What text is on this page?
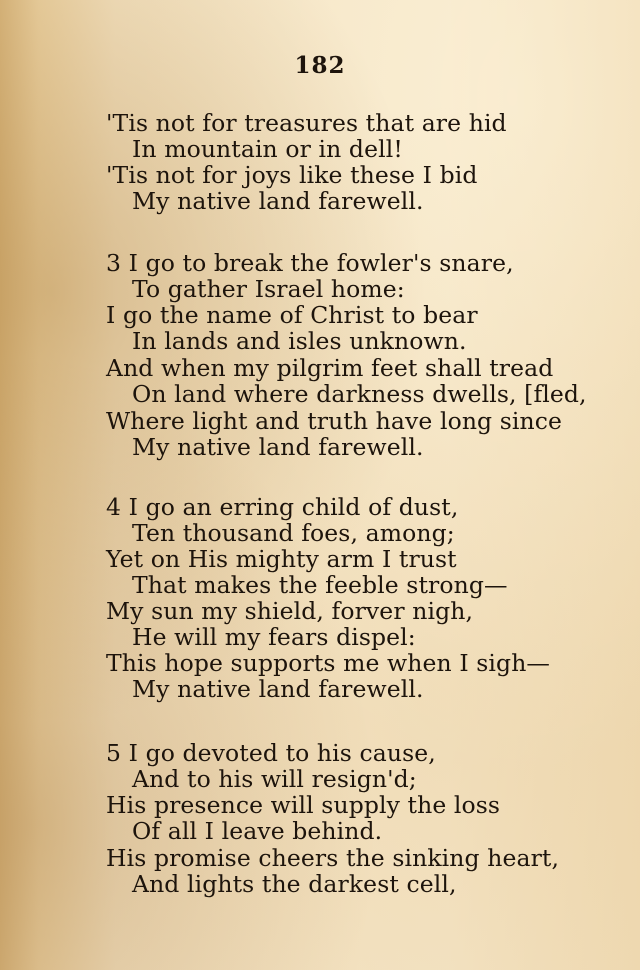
182
'Tis not for treasures that are hid
In mountain or in dell!
'Tis not for joys like these I bid
My native land farewell.
3 I go to break the fowler's snare,
To gather Israel home:
I go the name of Christ to bear
In lands and isles unknown.
And when my pilgrim feet shall tread
On land where darkness dwells, [fled,
Where light and truth have long since
My native land farewell.
4 I go an erring child of dust,
Ten thousand foes, among;
Yet on His mighty arm I trust
That makes the feeble strong—
My sun my shield, forver nigh,
He will my fears dispel:
This hope supports me when I sigh—
My native land farewell.
5 I go devoted to his cause,
And to his will resign'd;
His presence will supply the loss
Of all I leave behind.
His promise cheers the sinking heart,
And lights the darkest cell,
